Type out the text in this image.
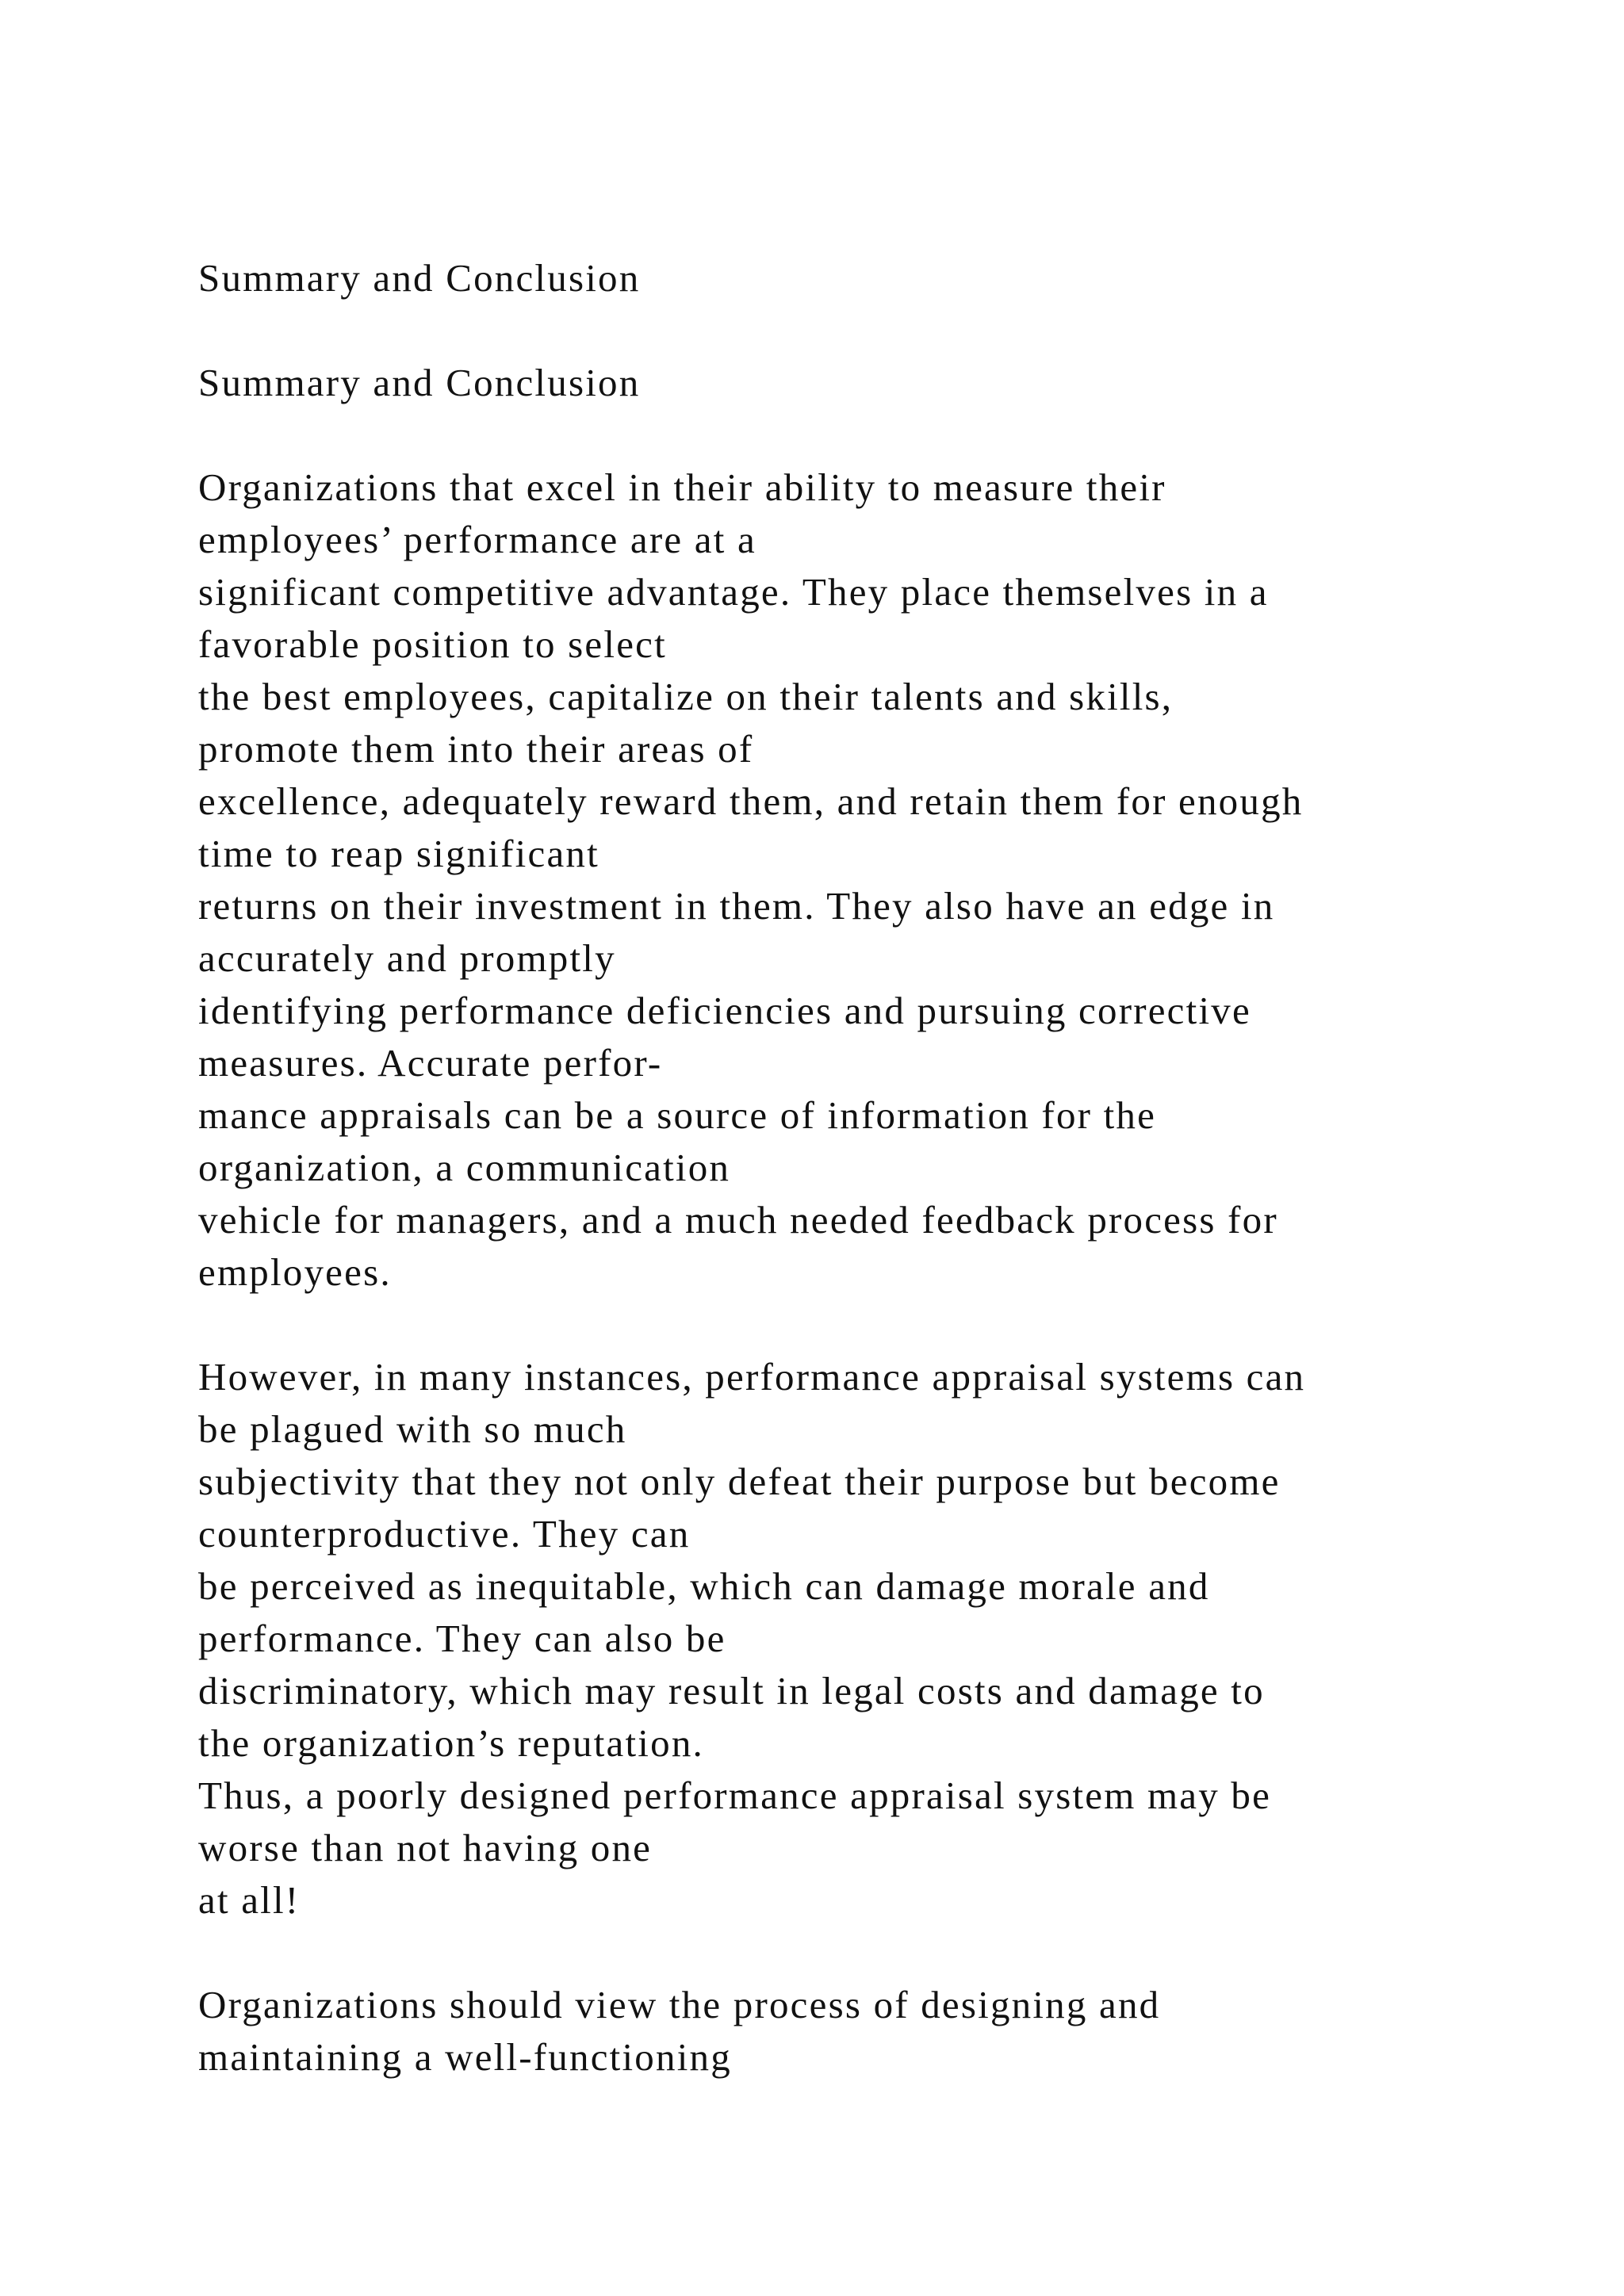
Summary and Conclusion
Summary and Conclusion
Organizations that excel in their ability to measure their
employees’ performance are at a
significant competitive advantage. They place themselves in a
favorable position to select
the best employees, capitalize on their talents and skills,
promote them into their areas of
excellence, adequately reward them, and retain them for enough
time to reap significant
returns on their investment in them. They also have an edge in
accurately and promptly
identifying performance deficiencies and pursuing corrective
measures. Accurate perfor-
mance appraisals can be a source of information for the
organization, a communication
vehicle for managers, and a much needed feedback process for
employees.
However, in many instances, performance appraisal systems can
be plagued with so much
subjectivity that they not only defeat their purpose but become
counterproductive. They can
be perceived as inequitable, which can damage morale and
performance. They can also be
discriminatory, which may result in legal costs and damage to
the organization’s reputation.
Thus, a poorly designed performance appraisal system may be
worse than not having one
at all!
Organizations should view the process of designing and
maintaining a well-functioning
